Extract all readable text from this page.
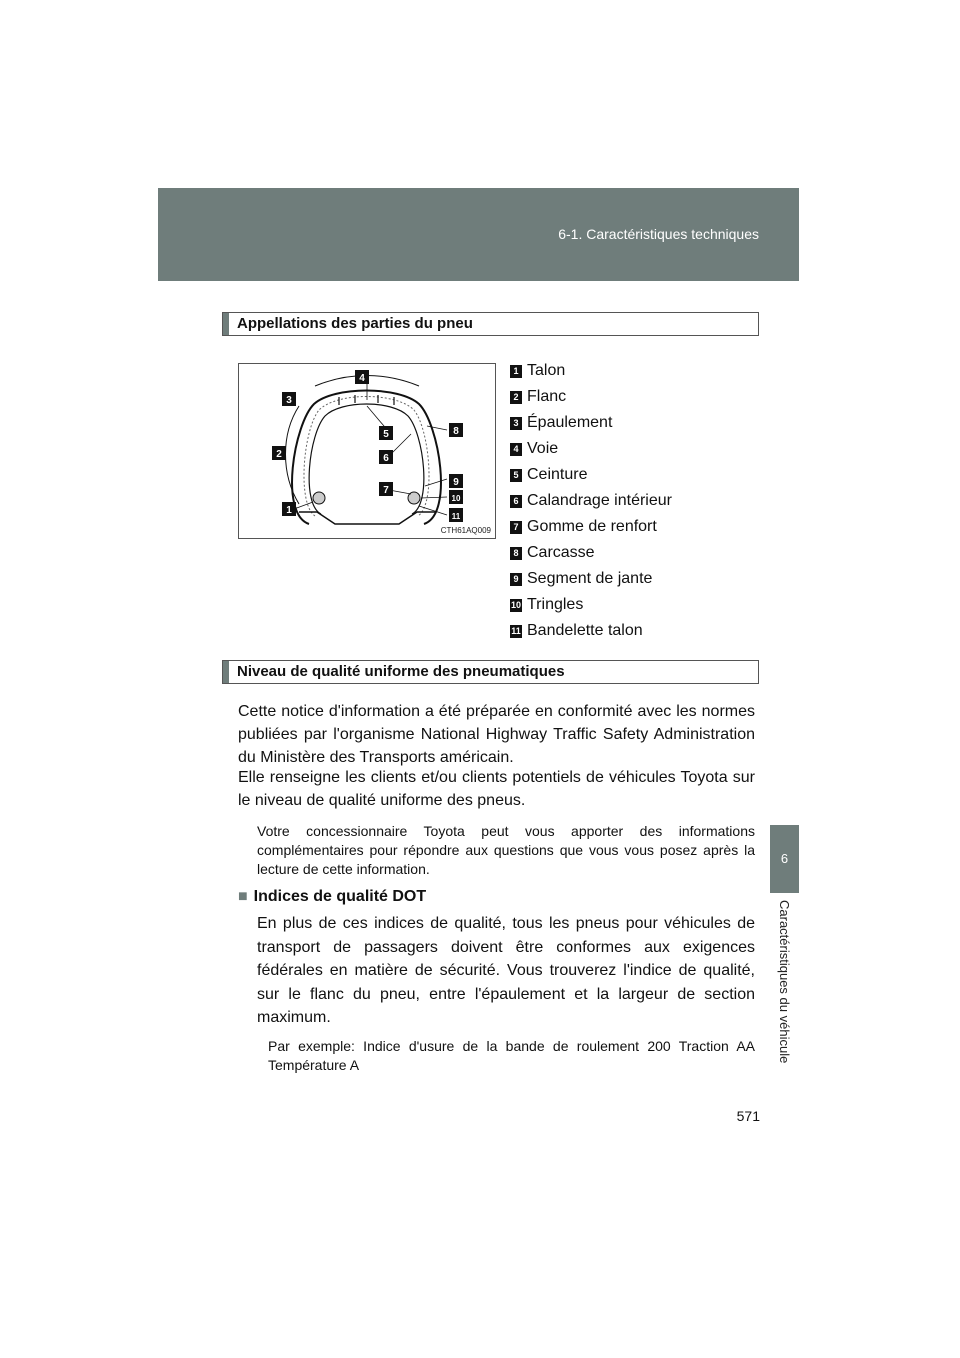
6-1. Caractéristiques techniques
6
Caractéristiques du véhicule
Appellations des parties du pneu
1
2
3
4
5
6
7
8
9
10
11
CTH61AQ009
1 Talon
2 Flanc
3 Épaulement
4 Voie
5 Ceinture
6 Calandrage intérieur
7 Gomme de renfort
8 Carcasse
9 Segment de jante
10 Tringles
11 Bandelette talon
Niveau de qualité uniforme des pneumatiques

Cette notice d'information a été préparée en conformité avec les normes publiées par l'organisme National Highway Traffic Safety Administration du Ministère des Transports américain.

Elle renseigne les clients et/ou clients potentiels de véhicules Toyota sur le niveau de qualité uniforme des pneus.

Votre concessionnaire Toyota peut vous apporter des informations complémentaires pour répondre aux questions que vous vous posez après la lecture de cette information.

■ Indices de qualité DOT

En plus de ces indices de qualité, tous les pneus pour véhicules de transport de passagers doivent être conformes aux exigences fédérales en matière de sécurité. Vous trouverez l'indice de qualité, sur le flanc du pneu, entre l'épaulement et la largeur de section maximum.

Par exemple: Indice d'usure de la bande de roulement 200 Traction AA Température A

571
